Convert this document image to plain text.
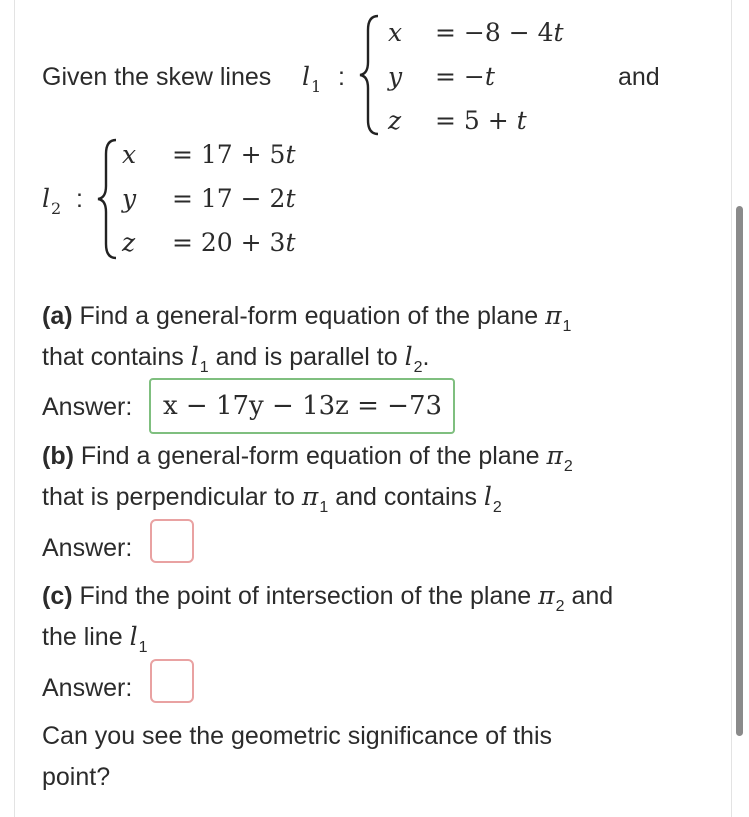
Given the skew lines $l_1$ :
x = −8 − 4t
y = −t
z = 5 + t
and
$l_2$ :
x = 17 + 5t
y = 17 − 2t
z = 20 + 3t
(a) Find a general-form equation of the plane $\pi_1$
that contains $l_1$ and is parallel to $l_2$.
Answer: x − 17y − 13z = −73
(b) Find a general-form equation of the plane $\pi_2$
that is perpendicular to $\pi_1$ and contains $l_2$
Answer:
(c) Find the point of intersection of the plane $\pi_2$ and
the line $l_1$
Answer:
Can you see the geometric significance of this
point?
